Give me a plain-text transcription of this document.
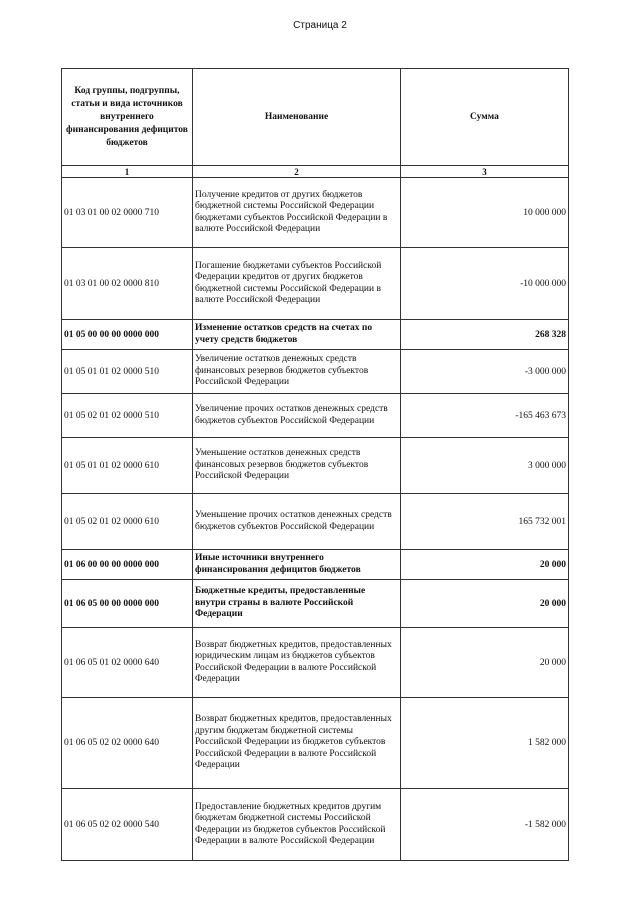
Страница 2
Код группы, подгруппы, статьи и вида источников внутреннего финансирования дефицитов бюджетов	Наименование	Сумма
1	2	3
01 03 01 00 02 0000 710	Получение кредитов от других бюджетов бюджетной системы Российской Федерации бюджетами субъектов Российской Федерации в валюте Российской Федерации	10 000 000
01 03 01 00 02 0000 810	Погашение бюджетами субъектов Российской Федерации кредитов от других бюджетов бюджетной системы Российской Федерации в валюте Российской Федерации	-10 000 000
01 05 00 00 00 0000 000	Изменение остатков средств на счетах по учету средств бюджетов	268 328
01 05 01 01 02 0000 510	Увеличение остатков денежных средств финансовых резервов бюджетов субъектов Российской Федерации	-3 000 000
01 05 02 01 02 0000 510	Увеличение прочих остатков денежных средств бюджетов субъектов Российской Федерации	-165 463 673
01 05 01 01 02 0000 610	Уменьшение остатков денежных средств финансовых резервов бюджетов субъектов Российской Федерации	3 000 000
01 05 02 01 02 0000 610	Уменьшение прочих остатков денежных средств бюджетов субъектов Российской Федерации	165 732 001
01 06 00 00 00 0000 000	Иные источники внутреннего финансирования дефицитов бюджетов	20 000
01 06 05 00 00 0000 000	Бюджетные кредиты, предоставленные внутри страны в валюте Российской Федерации	20 000
01 06 05 01 02 0000 640	Возврат бюджетных кредитов, предоставленных юридическим лицам из бюджетов субъектов Российской Федерации в валюте Российской Федерации	20 000
01 06 05 02 02 0000 640	Возврат бюджетных кредитов, предоставленных другим бюджетам бюджетной системы Российской Федерации из бюджетов субъектов Российской Федерации в валюте Российской Федерации	1 582 000
01 06 05 02 02 0000 540	Предоставление бюджетных кредитов другим бюджетам бюджетной системы Российской Федерации из бюджетов субъектов Российской Федерации в валюте Российской Федерации	-1 582 000
